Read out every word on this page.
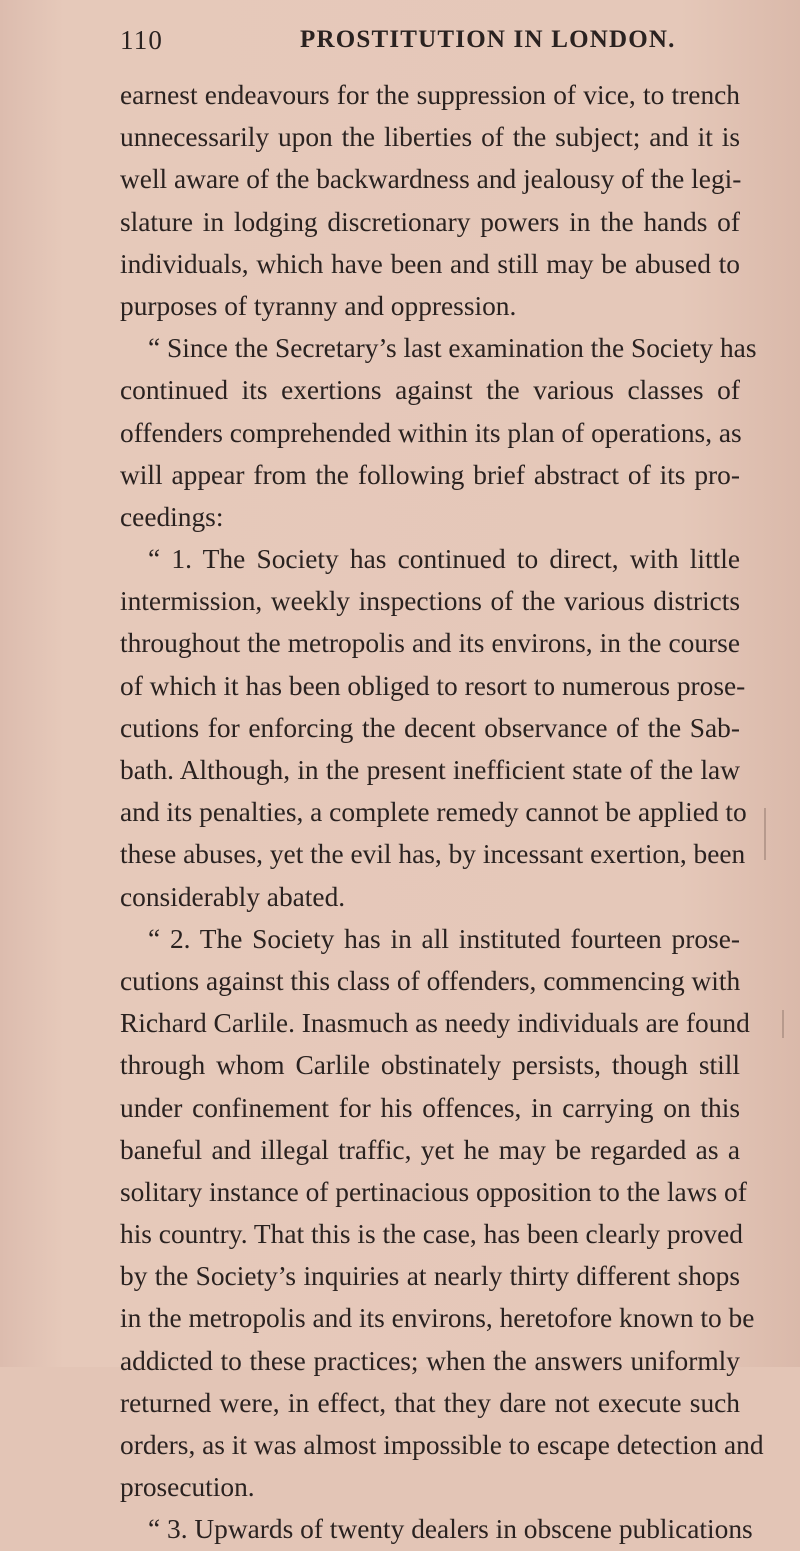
110	PROSTITUTION IN LONDON.
earnest endeavours for the suppression of vice, to trench
unnecessarily upon the liberties of the subject; and it is
well aware of the backwardness and jealousy of the legi-
slature in lodging discretionary powers in the hands of
individuals, which have been and still may be abused to
purposes of tyranny and oppression.
“ Since the Secretary’s last examination the Society has
continued its exertions against the various classes of
offenders comprehended within its plan of operations, as
will appear from the following brief abstract of its pro-
ceedings:
“ 1. The Society has continued to direct, with little
intermission, weekly inspections of the various districts
throughout the metropolis and its environs, in the course
of which it has been obliged to resort to numerous prose-
cutions for enforcing the decent observance of the Sab-
bath. Although, in the present inefficient state of the law
and its penalties, a complete remedy cannot be applied to
these abuses, yet the evil has, by incessant exertion, been
considerably abated.
“ 2. The Society has in all instituted fourteen prose-
cutions against this class of offenders, commencing with
Richard Carlile. Inasmuch as needy individuals are found
through whom Carlile obstinately persists, though still
under confinement for his offences, in carrying on this
baneful and illegal traffic, yet he may be regarded as a
solitary instance of pertinacious opposition to the laws of
his country. That this is the case, has been clearly proved
by the Society’s inquiries at nearly thirty different shops
in the metropolis and its environs, heretofore known to be
addicted to these practices; when the answers uniformly
returned were, in effect, that they dare not execute such
orders, as it was almost impossible to escape detection and
prosecution.
“ 3. Upwards of twenty dealers in obscene publications
